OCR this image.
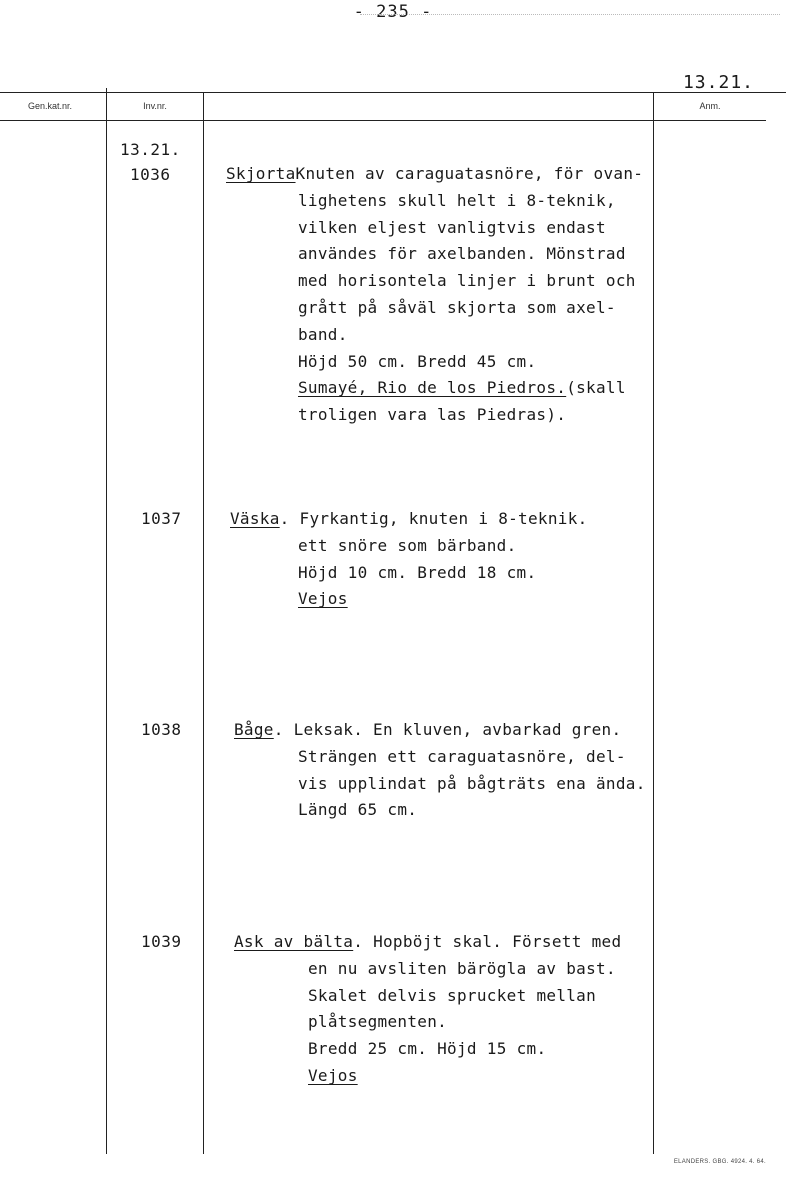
- 235 -
13.21.
Gen.kat.nr.	Inv.nr.	Anm.
13.21.
1036	SkjortaKnuten av caraguatasnöre, för ovan-
lighetens skull helt i 8-teknik,
vilken eljest vanligtvis endast
användes för axelbanden. Mönstrad
med horisontela linjer i brunt och
grått på såväl skjorta som axel-
band.
Höjd 50 cm. Bredd 45 cm.
Sumayé, Rio de los Piedros.(skall
troligen vara las Piedras).
1037	Väska. Fyrkantig, knuten i 8-teknik.
ett snöre som bärband.
Höjd 10 cm. Bredd 18 cm.
Vejos
1038	Båge. Leksak. En kluven, avbarkad gren.
Strängen ett caraguatasnöre, del-
vis upplindat på bågträts ena ända.
Längd 65 cm.
1039	Ask av bälta. Hopböjt skal. Försett med
en nu avsliten bärögla av bast.
Skalet delvis sprucket mellan
plåtsegmenten.
Bredd 25 cm. Höjd 15 cm.
Vejos
ELANDERS. GBG. 4924. 4. 64.
